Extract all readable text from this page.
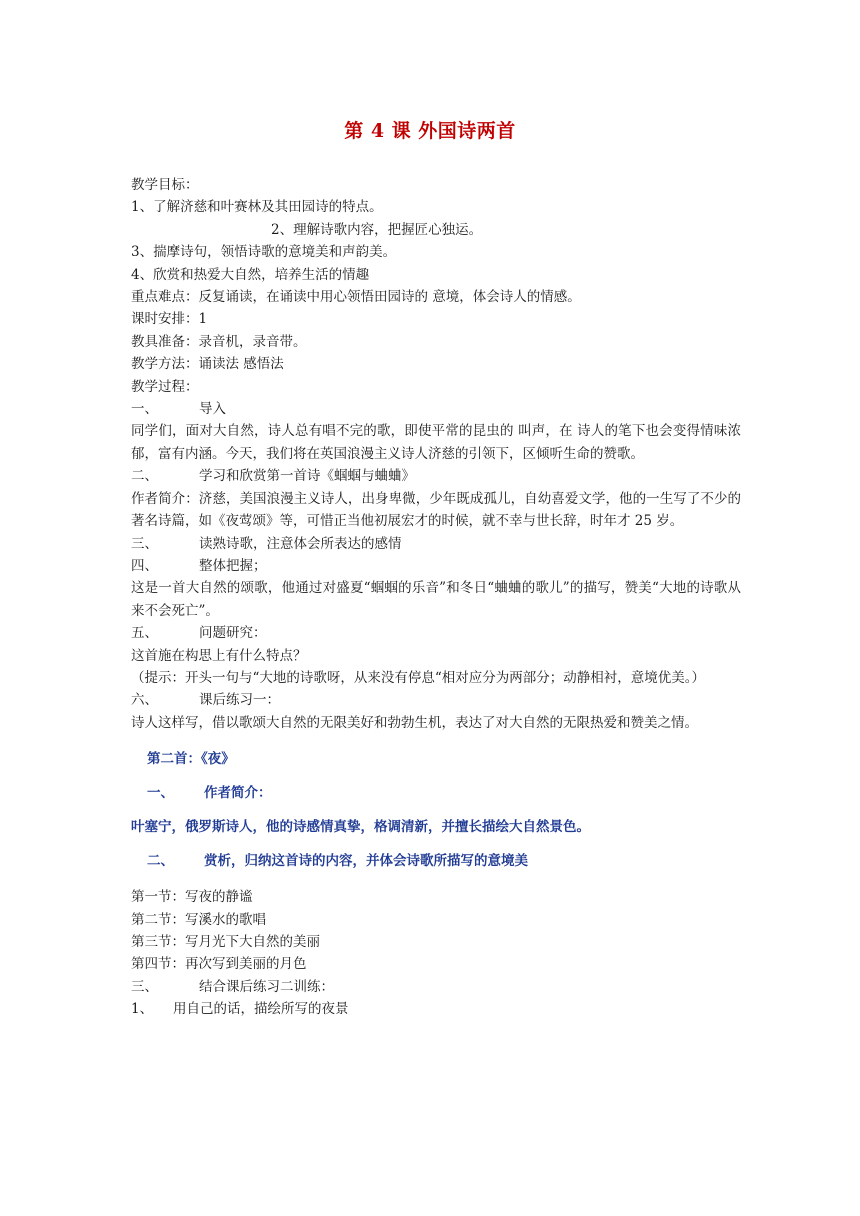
第 4 课 外国诗两首
教学目标：
1、了解济慈和叶赛林及其田园诗的特点。
2、理解诗歌内容，把握匠心独运。
3、揣摩诗句，领悟诗歌的意境美和声韵美。
4、欣赏和热爱大自然，培养生活的情趣
重点难点：反复诵读，在诵读中用心领悟田园诗的 意境，体会诗人的情感。
课时安排：1
教具准备：录音机，录音带。
教学方法：诵读法 感悟法
教学过程：
一、	导入
同学们，面对大自然，诗人总有唱不完的歌，即使平常的昆虫的 叫声，在 诗人的笔下也会变得情味浓郁，富有内涵。今天，我们将在英国浪漫主义诗人济慈的引领下，区倾听生命的赞歌。
二、	学习和欣赏第一首诗《蝈蝈与蛐蛐》
作者简介：济慈，美国浪漫主义诗人，出身卑微，少年既成孤儿，自幼喜爱文学，他的一生写了不少的著名诗篇，如《夜莺颂》等，可惜正当他初展宏才的时候，就不幸与世长辞，时年才 25 岁。
三、	读熟诗歌，注意体会所表达的感情
四、	整体把握；
这是一首大自然的颂歌，他通过对盛夏“蝈蝈的乐音”和冬日“蛐蛐的歌儿”的描写，赞美“大地的诗歌从来不会死亡”。
五、	问题研究：
这首施在构思上有什么特点？
（提示：开头一句与“大地的诗歌呀，从来没有停息“相对应分为两部分；动静相衬，意境优美。）
六、	课后练习一：
诗人这样写，借以歌颂大自然的无限美好和勃勃生机，表达了对大自然的无限热爱和赞美之情。
第二首：《夜》
一、 作者简介：
叶塞宁，俄罗斯诗人，他的诗感情真挚，格调清新，并擅长描绘大自然景色。
二、 赏析，归纳这首诗的内容，并体会诗歌所描写的意境美
第一节：写夜的静谧
第二节：写溪水的歌唱
第三节：写月光下大自然的美丽
第四节：再次写到美丽的月色
三、	结合课后练习二训练：
1、 用自己的话，描绘所写的夜景
